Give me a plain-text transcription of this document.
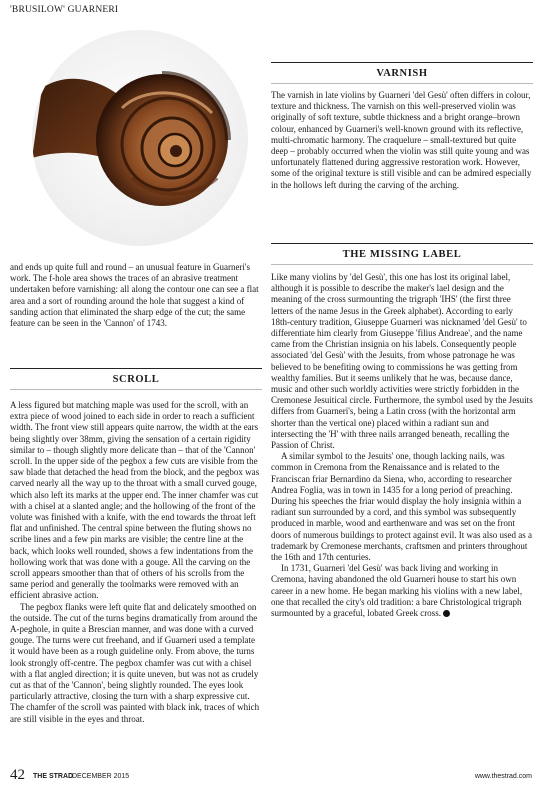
'BRUSILOW' GUARNERI

and ends up quite full and round – an unusual feature in Guarneri's work. The f-hole area shows the traces of an abrasive treatment undertaken before varnishing: all along the contour one can see a flat area and a sort of rounding around the hole that suggest a kind of sanding action that eliminated the sharp edge of the cut; the same feature can be seen in the 'Cannon' of 1743.

SCROLL

A less figured but matching maple was used for the scroll, with an extra piece of wood joined to each side in order to reach a sufficient width. The front view still appears quite narrow, the width at the ears being slightly over 38mm, giving the sensation of a certain rigidity similar to – though slightly more delicate than – that of the 'Cannon' scroll. In the upper side of the pegbox a few cuts are visible from the saw blade that detached the head from the block, and the pegbox was carved nearly all the way up to the throat with a small curved gouge, which also left its marks at the upper end. The inner chamfer was cut with a chisel at a slanted angle; and the hollowing of the front of the volute was finished with a knife, with the end towards the throat left flat and unfinished. The central spine between the fluting shows no scribe lines and a few pin marks are visible; the centre line at the back, which looks well rounded, shows a few indentations from the hollowing work that was done with a gouge. All the carving on the scroll appears smoother than that of others of his scrolls from the same period and generally the toolmarks were removed with an efficient abrasive action.

The pegbox flanks were left quite flat and delicately smoothed on the outside. The cut of the turns begins dramatically from around the A-peghole, in quite a Brescian manner, and was done with a curved gouge. The turns were cut freehand, and if Guarneri used a template it would have been as a rough guideline only. From above, the turns look strongly off-centre. The pegbox chamfer was cut with a chisel with a flat angled direction; it is quite uneven, but was not as crudely cut as that of the 'Cannon', being slightly rounded. The eyes look particularly attractive, closing the turn with a sharp expressive cut. The chamfer of the scroll was painted with black ink, traces of which are still visible in the eyes and throat.

VARNISH

The varnish in late violins by Guarneri 'del Gesù' often differs in colour, texture and thickness. The varnish on this well-preserved violin was originally of soft texture, subtle thickness and a bright orange–brown colour, enhanced by Guarneri's well-known ground with its reflective, multi-chromatic harmony. The craquelure – small-textured but quite deep – probably occurred when the violin was still quite young and was unfortunately flattened during aggressive restoration work. However, some of the original texture is still visible and can be admired especially in the hollows left during the carving of the arching.

THE MISSING LABEL

Like many violins by 'del Gesù', this one has lost its original label, although it is possible to describe the maker's lael design and the meaning of the cross surmounting the trigraph 'IHS' (the first three letters of the name Jesus in the Greek alphabet). According to early 18th-century tradition, Giuseppe Guarneri was nicknamed 'del Gesù' to differentiate him clearly from Giuseppe 'filius Andreae', and the name came from the Christian insignia on his labels. Consequently people associated 'del Gesù' with the Jesuits, from whose patronage he was believed to be benefiting owing to commissions he was getting from wealthy families. But it seems unlikely that he was, because dance, music and other such worldly activities were strictly forbidden in the Cremonese Jesuitical circle. Furthermore, the symbol used by the Jesuits differs from Guarneri's, being a Latin cross (with the horizontal arm shorter than the vertical one) placed within a radiant sun and intersecting the 'H' with three nails arranged beneath, recalling the Passion of Christ.

A similar symbol to the Jesuits' one, though lacking nails, was common in Cremona from the Renaissance and is related to the Franciscan friar Bernardino da Siena, who, according to researcher Andrea Foglia, was in town in 1435 for a long period of preaching. During his speeches the friar would display the holy insignia within a radiant sun surrounded by a cord, and this symbol was subsequently produced in marble, wood and earthenware and was set on the front doors of numerous buildings to protect against evil. It was also used as a trademark by Cremonese merchants, craftsmen and printers throughout the 16th and 17th centuries.

In 1731, Guarneri 'del Gesù' was back living and working in Cremona, having abandoned the old Guarneri house to start his own career in a new home. He began marking his violins with a new label, one that recalled the city's old tradition: a bare Christological trigraph surmounted by a graceful, lobated Greek cross.

42 THE STRAD
DECEMBER 2015	www.thestrad.com
